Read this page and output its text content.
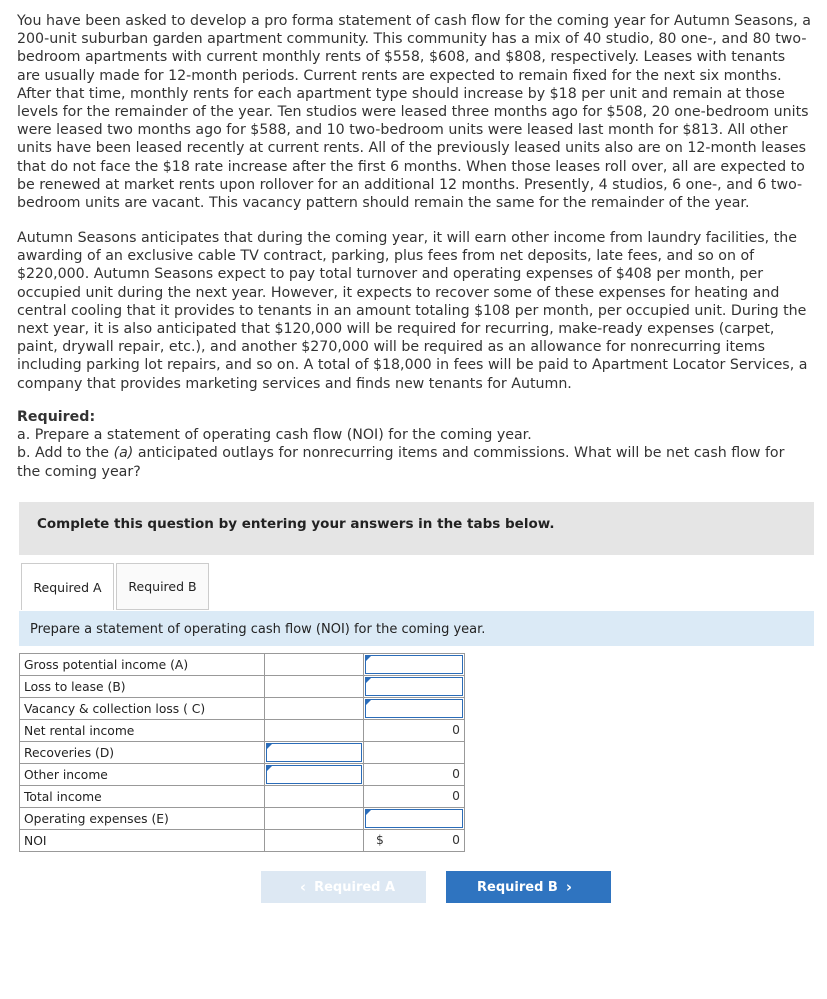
You have been asked to develop a pro forma statement of cash flow for the coming year for Autumn Seasons, a 200-unit suburban garden apartment community. This community has a mix of 40 studio, 80 one-, and 80 two-bedroom apartments with current monthly rents of $558, $608, and $808, respectively. Leases with tenants are usually made for 12-month periods. Current rents are expected to remain fixed for the next six months. After that time, monthly rents for each apartment type should increase by $18 per unit and remain at those levels for the remainder of the year. Ten studios were leased three months ago for $508, 20 one-bedroom units were leased two months ago for $588, and 10 two-bedroom units were leased last month for $813. All other units have been leased recently at current rents. All of the previously leased units also are on 12-month leases that do not face the $18 rate increase after the first 6 months. When those leases roll over, all are expected to be renewed at market rents upon rollover for an additional 12 months. Presently, 4 studios, 6 one-, and 6 two-bedroom units are vacant. This vacancy pattern should remain the same for the remainder of the year.

Autumn Seasons anticipates that during the coming year, it will earn other income from laundry facilities, the awarding of an exclusive cable TV contract, parking, plus fees from net deposits, late fees, and so on of $220,000. Autumn Seasons expect to pay total turnover and operating expenses of $408 per month, per occupied unit during the next year. However, it expects to recover some of these expenses for heating and central cooling that it provides to tenants in an amount totaling $108 per month, per occupied unit. During the next year, it is also anticipated that $120,000 will be required for recurring, make-ready expenses (carpet, paint, drywall repair, etc.), and another $270,000 will be required as an allowance for nonrecurring items including parking lot repairs, and so on. A total of $18,000 in fees will be paid to Apartment Locator Services, a company that provides marketing services and finds new tenants for Autumn.

Required:

a. Prepare a statement of operating cash flow (NOI) for the coming year.

b. Add to the (a) anticipated outlays for nonrecurring items and commissions. What will be net cash flow for the coming year?

Complete this question by entering your answers in the tabs below.
Required A	Required B
Prepare a statement of operating cash flow (NOI) for the coming year.
Gross potential income (A)		

Loss to lease (B)		

Vacancy & collection loss ( C)		

Net rental income		0

Recoveries (D)	

Other income		0

Total income		0

Operating expenses (E)		

NOI		$ 0
‹ Required A	Required B ›
